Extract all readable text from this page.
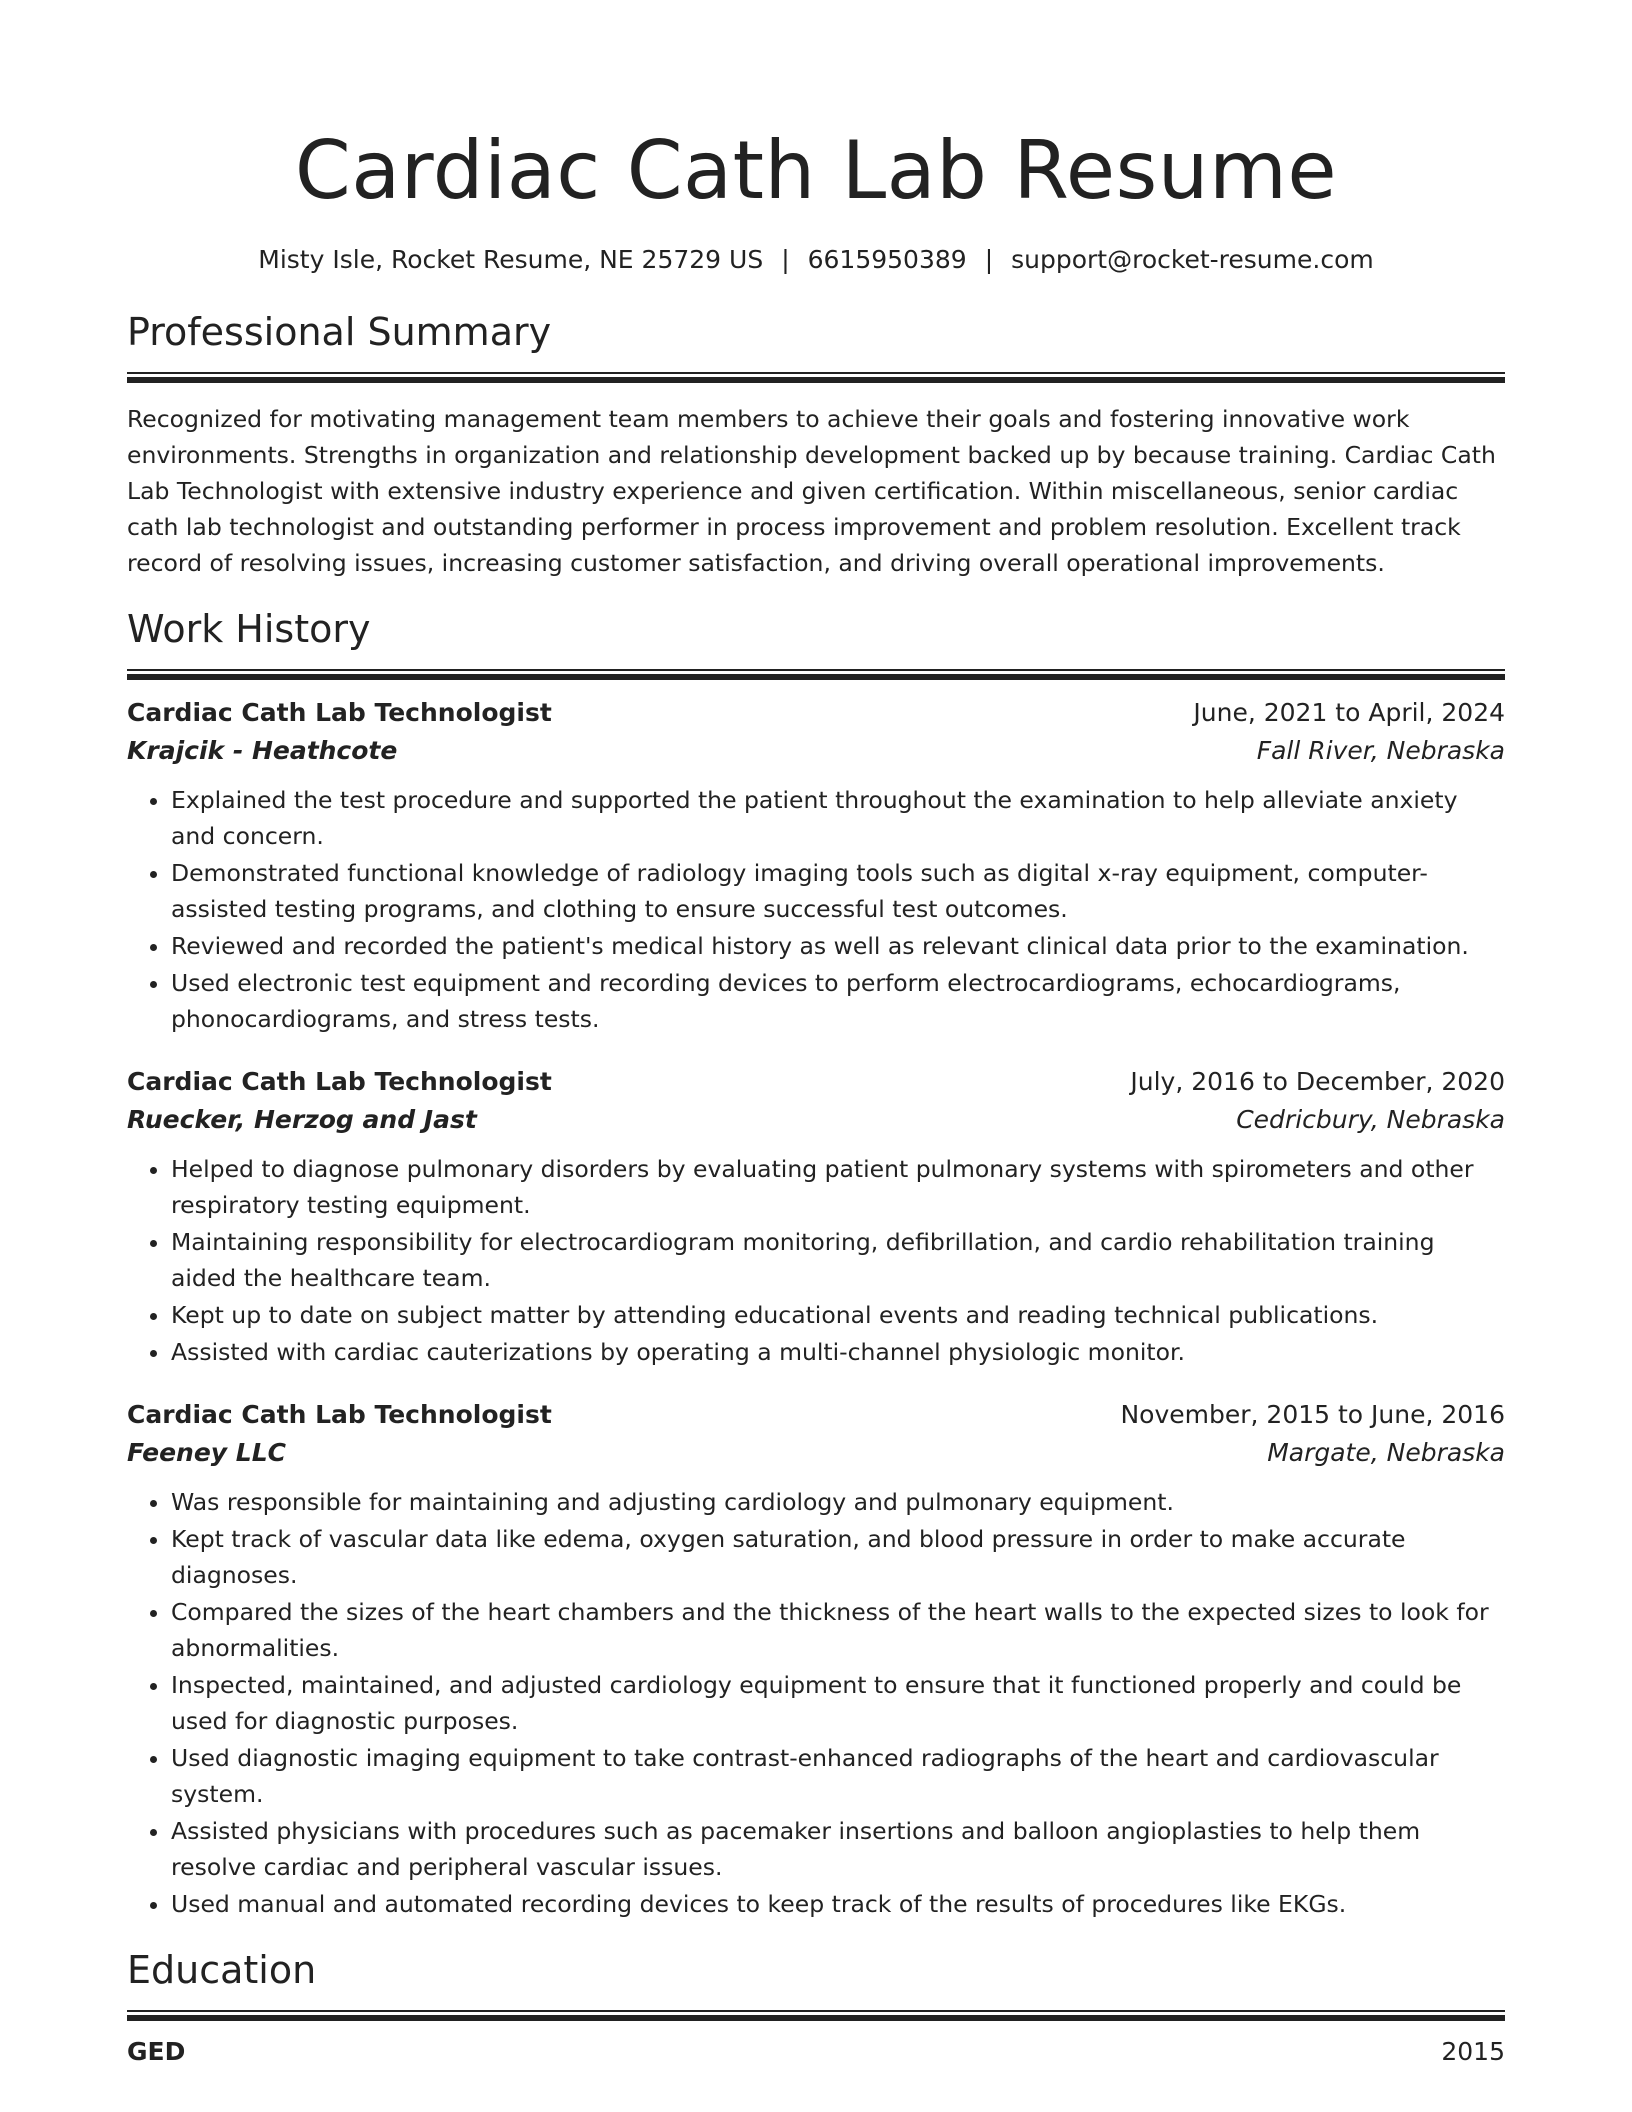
Cardiac Cath Lab Resume
Misty Isle, Rocket Resume, NE 25729 US | 6615950389 | support@rocket-resume.com
Professional Summary
Recognized for motivating management team members to achieve their goals and fostering innovative work environments. Strengths in organization and relationship development backed up by because training. Cardiac Cath Lab Technologist with extensive industry experience and given certification. Within miscellaneous, senior cardiac cath lab technologist and outstanding performer in process improvement and problem resolution. Excellent track record of resolving issues, increasing customer satisfaction, and driving overall operational improvements.
Work History
Cardiac Cath Lab Technologist	June, 2021 to April, 2024
Krajcik - Heathcote	Fall River, Nebraska
• Explained the test procedure and supported the patient throughout the examination to help alleviate anxiety and concern.
• Demonstrated functional knowledge of radiology imaging tools such as digital x-ray equipment, computer-assisted testing programs, and clothing to ensure successful test outcomes.
• Reviewed and recorded the patient's medical history as well as relevant clinical data prior to the examination.
• Used electronic test equipment and recording devices to perform electrocardiograms, echocardiograms, phonocardiograms, and stress tests.
Cardiac Cath Lab Technologist	July, 2016 to December, 2020
Ruecker, Herzog and Jast	Cedricbury, Nebraska
• Helped to diagnose pulmonary disorders by evaluating patient pulmonary systems with spirometers and other respiratory testing equipment.
• Maintaining responsibility for electrocardiogram monitoring, defibrillation, and cardio rehabilitation training aided the healthcare team.
• Kept up to date on subject matter by attending educational events and reading technical publications.
• Assisted with cardiac cauterizations by operating a multi-channel physiologic monitor.
Cardiac Cath Lab Technologist	November, 2015 to June, 2016
Feeney LLC	Margate, Nebraska
• Was responsible for maintaining and adjusting cardiology and pulmonary equipment.
• Kept track of vascular data like edema, oxygen saturation, and blood pressure in order to make accurate diagnoses.
• Compared the sizes of the heart chambers and the thickness of the heart walls to the expected sizes to look for abnormalities.
• Inspected, maintained, and adjusted cardiology equipment to ensure that it functioned properly and could be used for diagnostic purposes.
• Used diagnostic imaging equipment to take contrast-enhanced radiographs of the heart and cardiovascular system.
• Assisted physicians with procedures such as pacemaker insertions and balloon angioplasties to help them resolve cardiac and peripheral vascular issues.
• Used manual and automated recording devices to keep track of the results of procedures like EKGs.
Education
GED	2015
